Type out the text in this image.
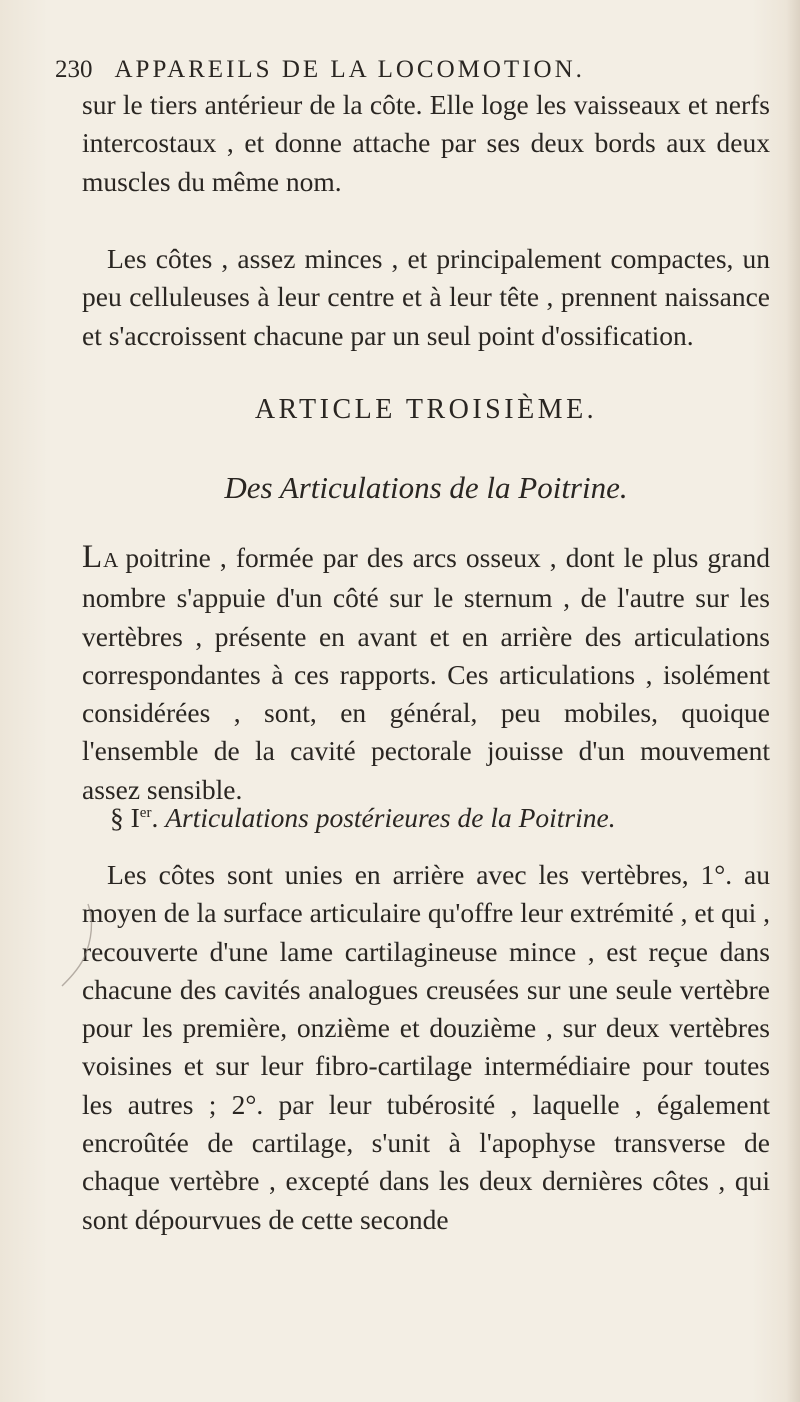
230 APPAREILS DE LA LOCOMOTION.
sur le tiers antérieur de la côte. Elle loge les vaisseaux et nerfs intercostaux , et donne attache par ses deux bords aux deux muscles du même nom.
Les côtes , assez minces , et principalement compactes, un peu celluleuses à leur centre et à leur tête , prennent naissance et s'accroissent chacune par un seul point d'ossification.
ARTICLE TROISIÈME.
Des Articulations de la Poitrine.
LA poitrine , formée par des arcs osseux , dont le plus grand nombre s'appuie d'un côté sur le sternum , de l'autre sur les vertèbres , présente en avant et en arrière des articulations correspondantes à ces rapports. Ces articulations , isolément considérées , sont, en général, peu mobiles, quoique l'ensemble de la cavité pectorale jouisse d'un mouvement assez sensible.
§ Ier. Articulations postérieures de la Poitrine.
Les côtes sont unies en arrière avec les vertèbres, 1°. au moyen de la surface articulaire qu'offre leur extrémité , et qui , recouverte d'une lame cartilagineuse mince , est reçue dans chacune des cavités analogues creusées sur une seule vertèbre pour les première, onzième et douzième , sur deux vertèbres voisines et sur leur fibro-cartilage intermédiaire pour toutes les autres ; 2°. par leur tubérosité , laquelle , également encroûtée de cartilage, s'unit à l'apophyse transverse de chaque vertèbre , excepté dans les deux dernières côtes , qui sont dépourvues de cette seconde
